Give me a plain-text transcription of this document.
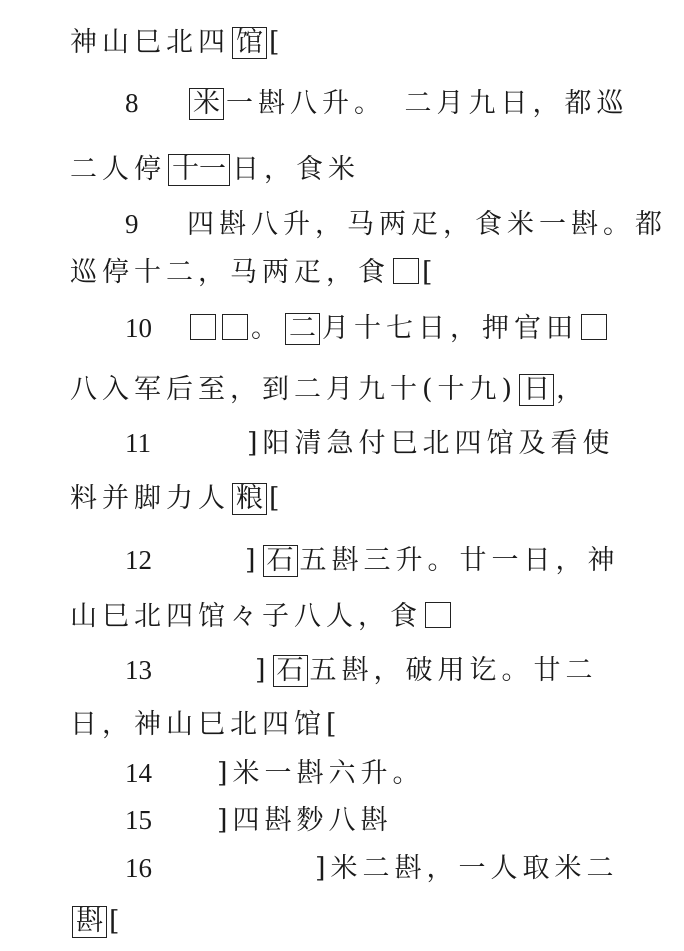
神山巳北四 馆 [
8 米 一斟八升。　二月九日，都巡
二人停 十一 日，食米
9 四斟八升，马两疋，食米一斟。都
巡停十二，马两疋，食 [
10	。 二 月十七日，押官田
八入军后至，到二月九十(十九) 日 ，
11	]阳清急付巳北四馆及看使
料并脚力人 粮 [
12	] 石 五斟三升。廿一日，神
山巳北四馆々子八人，食
13	] 石 五斟，破用讫。廿二
日，神山巳北四馆[
14 ]米一斟六升。
15 ]四斟麨八斟
16	]米二斟，一人取米二
斟 [
